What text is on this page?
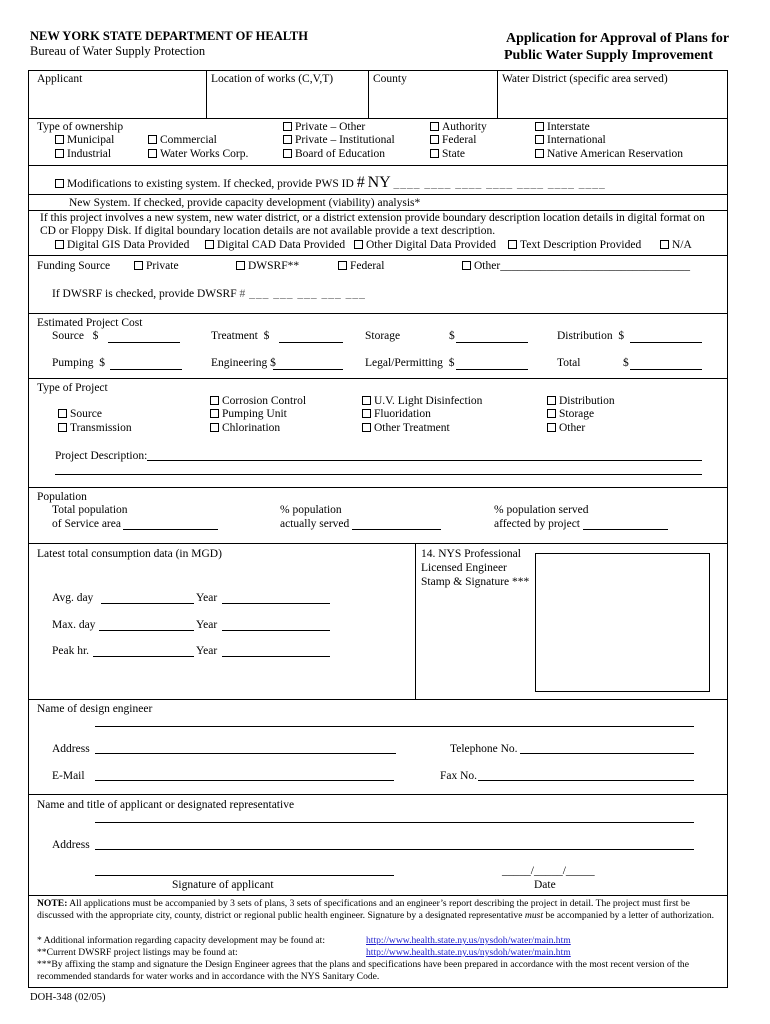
NEW YORK STATE DEPARTMENT OF HEALTH
Bureau of Water Supply Protection
Application for Approval of Plans for
Public Water Supply Improvement
Applicant	Location of works (C,V,T)	County	Water District (specific area served)
Type of ownership
Municipal
Industrial
Commercial
Water Works Corp.
Private – Other
Private – Institutional
Board of Education
Authority
Federal
State
Interstate
International
Native American Reservation
Modifications to existing system. If checked, provide PWS ID # NY ____ ____ ____ ____ ____ ____ ____
New System. If checked, provide capacity development (viability) analysis*
If this project involves a new system, new water district, or a district extension provide boundary description location details in digital format on CD or Floppy Disk. If digital boundary location details are not available provide a text description.
Digital GIS Data Provided	Digital CAD Data Provided	Other Digital Data Provided	Text Description Provided	N/A
Funding Source	Private	DWSRF**	Federal	Other_________________________________
If DWSRF is checked, provide DWSRF # ___ ___ ___ ___ ___
Estimated Project Cost
Source $	Treatment $	Storage	$	Distribution $
Pumping $	Engineering $	Legal/Permitting $	Total	$
Type of Project
Source
Transmission
Corrosion Control
Pumping Unit
Chlorination
U.V. Light Disinfection
Fluoridation
Other Treatment
Distribution
Storage
Other
Project Description:
Population
Total population
of Service area
% population
actually served
% population served
affected by project
Latest total consumption data (in MGD)
Avg. day	Year
Max. day	Year
Peak hr.	Year
14. NYS Professional
Licensed Engineer
Stamp & Signature ***
Name of design engineer
Address	Telephone No.
E-Mail	Fax No.
Name and title of applicant or designated representative
Address
Signature of applicant
_____/_____/_____
Date
NOTE: All applications must be accompanied by 3 sets of plans, 3 sets of specifications and an engineer’s report describing the project in detail. The project must first be discussed with the appropriate city, county, district or regional public health engineer. Signature by a designated representative must be accompanied by a letter of authorization.
* Additional information regarding capacity development may be found at:	http://www.health.state.ny.us/nysdoh/water/main.htm
**Current DWSRF project listings may be found at:	http://www.health.state.ny.us/nysdoh/water/main.htm
***By affixing the stamp and signature the Design Engineer agrees that the plans and specifications have been prepared in accordance with the most recent version of the recommended standards for water works and in accordance with the NYS Sanitary Code.
DOH-348 (02/05)
